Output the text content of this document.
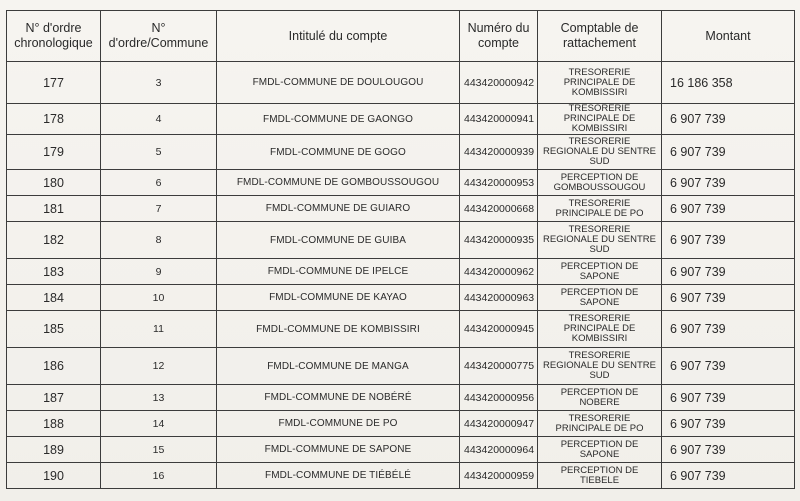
N° d'ordre chronologique	N° d'ordre/Commune	Intitulé du compte	Numéro du compte	Comptable de rattachement	Montant
177	3	FMDL-COMMUNE DE DOULOUGOU	443420000942	TRESORERIE PRINCIPALE DE KOMBISSIRI	16 186 358
178	4	FMDL-COMMUNE DE GAONGO	443420000941	TRESORERIE PRINCIPALE DE KOMBISSIRI	6 907 739
179	5	FMDL-COMMUNE DE GOGO	443420000939	TRESORERIE REGIONALE DU SENTRE SUD	6 907 739
180	6	FMDL-COMMUNE DE GOMBOUSSOUGOU	443420000953	PERCEPTION DE GOMBOUSSOUGOU	6 907 739
181	7	FMDL-COMMUNE DE GUIARO	443420000668	TRESORERIE PRINCIPALE DE PO	6 907 739
182	8	FMDL-COMMUNE DE GUIBA	443420000935	TRESORERIE REGIONALE DU SENTRE SUD	6 907 739
183	9	FMDL-COMMUNE DE IPELCE	443420000962	PERCEPTION DE SAPONE	6 907 739
184	10	FMDL-COMMUNE DE KAYAO	443420000963	PERCEPTION DE SAPONE	6 907 739
185	11	FMDL-COMMUNE DE KOMBISSIRI	443420000945	TRESORERIE PRINCIPALE DE KOMBISSIRI	6 907 739
186	12	FMDL-COMMUNE DE MANGA	443420000775	TRESORERIE REGIONALE DU SENTRE SUD	6 907 739
187	13	FMDL-COMMUNE DE NOBÉRÉ	443420000956	PERCEPTION DE NOBERE	6 907 739
188	14	FMDL-COMMUNE DE PO	443420000947	TRESORERIE PRINCIPALE DE PO	6 907 739
189	15	FMDL-COMMUNE DE SAPONE	443420000964	PERCEPTION DE SAPONE	6 907 739
190	16	FMDL-COMMUNE DE TIÉBÉLÉ	443420000959	PERCEPTION DE TIEBELE	6 907 739
